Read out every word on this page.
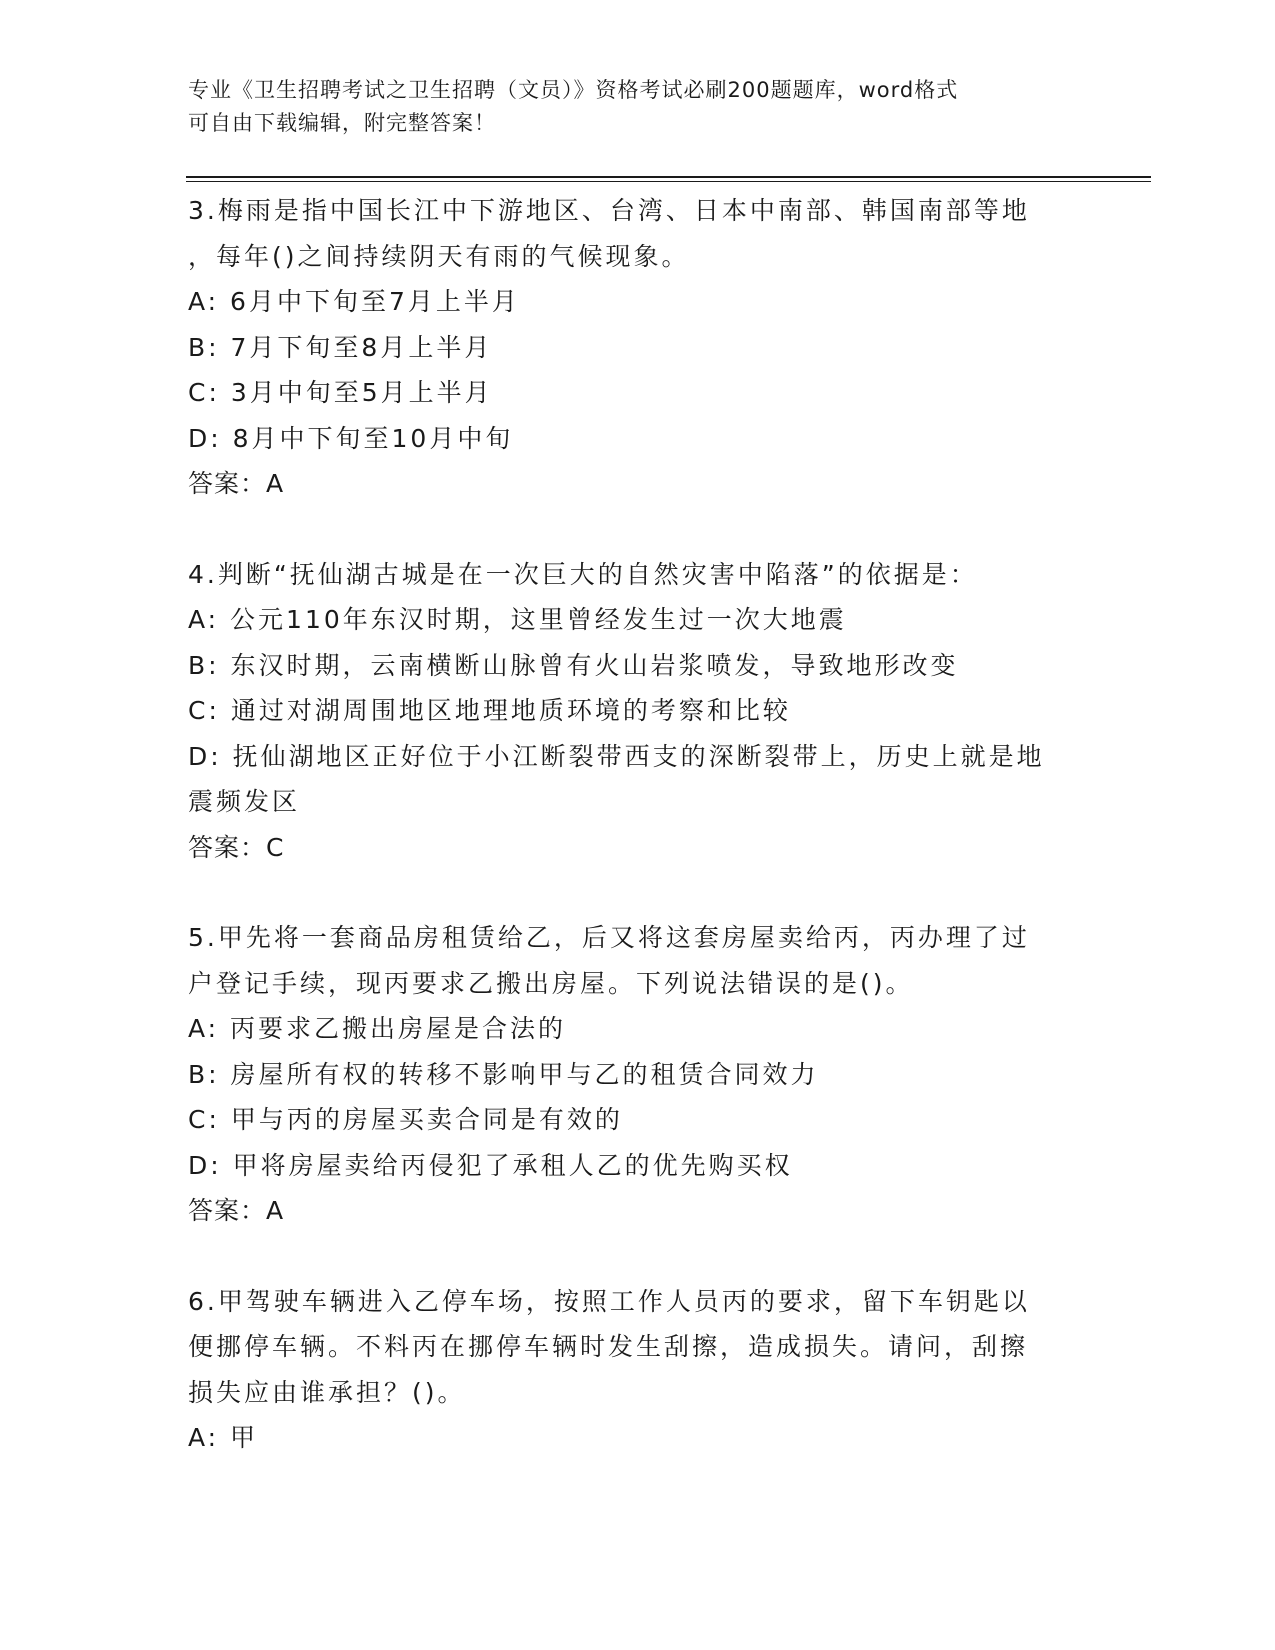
专业《卫生招聘考试之卫生招聘（文员）》资格考试必刷200题题库，word格式
可自由下载编辑，附完整答案！
3.梅雨是指中国长江中下游地区、台湾、日本中南部、韩国南部等地
，每年()之间持续阴天有雨的气候现象。
A: 6月中下旬至7月上半月
B: 7月下旬至8月上半月
C: 3月中旬至5月上半月
D: 8月中下旬至10月中旬
答案：A
4.判断“抚仙湖古城是在一次巨大的自然灾害中陷落”的依据是：
A: 公元110年东汉时期，这里曾经发生过一次大地震
B: 东汉时期，云南横断山脉曾有火山岩浆喷发，导致地形改变
C: 通过对湖周围地区地理地质环境的考察和比较
D: 抚仙湖地区正好位于小江断裂带西支的深断裂带上，历史上就是地
震频发区
答案：C
5.甲先将一套商品房租赁给乙，后又将这套房屋卖给丙，丙办理了过
户登记手续，现丙要求乙搬出房屋。下列说法错误的是()。
A: 丙要求乙搬出房屋是合法的
B: 房屋所有权的转移不影响甲与乙的租赁合同效力
C: 甲与丙的房屋买卖合同是有效的
D: 甲将房屋卖给丙侵犯了承租人乙的优先购买权
答案：A
6.甲驾驶车辆进入乙停车场，按照工作人员丙的要求，留下车钥匙以
便挪停车辆。不料丙在挪停车辆时发生刮擦，造成损失。请问，刮擦
损失应由谁承担？()。
A: 甲
